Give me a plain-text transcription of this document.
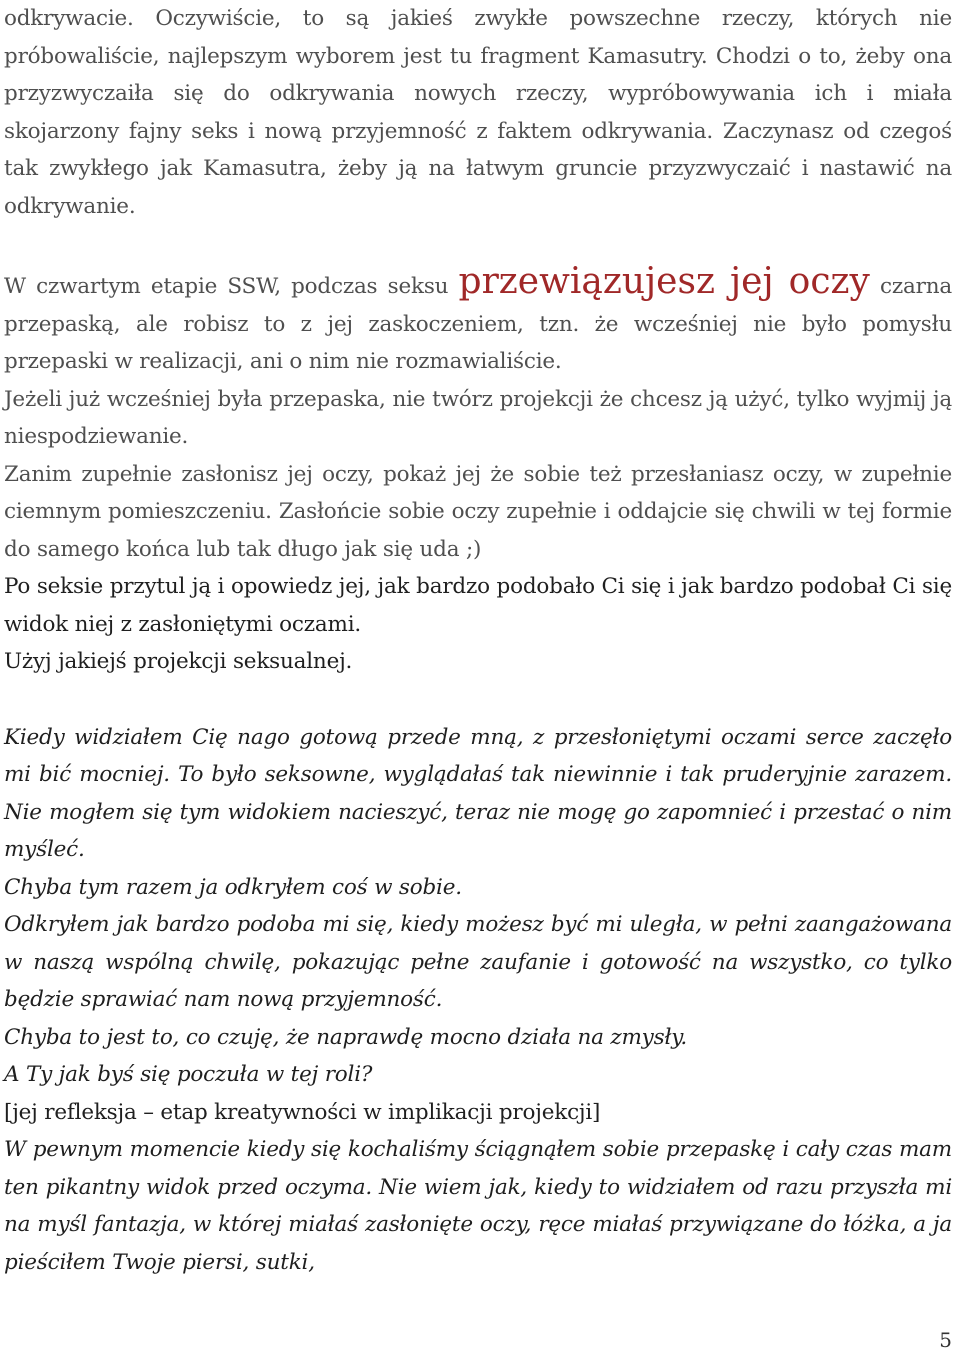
odkrywacie. Oczywiście, to są jakieś zwykłe powszechne rzeczy, których nie próbowaliście, najlepszym wyborem jest tu fragment Kamasutry. Chodzi o to, żeby ona przyzwyczaiła się do odkrywania nowych rzeczy, wypróbowywania ich i miała skojarzony fajny seks i nową przyjemność z faktem odkrywania. Zaczynasz od czegoś tak zwykłego jak Kamasutra, żeby ją na łatwym gruncie przyzwyczaić i nastawić na odkrywanie.

W czwartym etapie SSW, podczas seksu przewiązujesz jej oczy czarna przepaską, ale robisz to z jej zaskoczeniem, tzn. że wcześniej nie było pomysłu przepaski w realizacji, ani o nim nie rozmawialiście.

Jeżeli już wcześniej była przepaska, nie twórz projekcji że chcesz ją użyć, tylko wyjmij ją niespodziewanie.

Zanim zupełnie zasłonisz jej oczy, pokaż jej że sobie też przesłaniasz oczy, w zupełnie ciemnym pomieszczeniu. Zasłońcie sobie oczy zupełnie i oddajcie się chwili w tej formie do samego końca lub tak długo jak się uda ;)

Po seksie przytul ją i opowiedz jej, jak bardzo podobało Ci się i jak bardzo podobał Ci się widok niej z zasłoniętymi oczami.

Użyj jakiejś projekcji seksualnej.

Kiedy widziałem Cię nago gotową przede mną, z przesłoniętymi oczami serce zaczęło mi bić mocniej. To było seksowne, wyglądałaś tak niewinnie i tak pruderyjnie zarazem. Nie mogłem się tym widokiem nacieszyć, teraz nie mogę go zapomnieć i przestać o nim myśleć.

Chyba tym razem ja odkryłem coś w sobie.

Odkryłem jak bardzo podoba mi się, kiedy możesz być mi uległa, w pełni zaangażowana w naszą wspólną chwilę, pokazując pełne zaufanie i gotowość na wszystko, co tylko będzie sprawiać nam nową przyjemność.

Chyba to jest to, co czuję, że naprawdę mocno działa na zmysły.

A Ty jak byś się poczuła w tej roli?

[jej refleksja – etap kreatywności w implikacji projekcji]

W pewnym momencie kiedy się kochaliśmy ściągnąłem sobie przepaskę i cały czas mam ten pikantny widok przed oczyma. Nie wiem jak, kiedy to widziałem od razu przyszła mi na myśl fantazja, w której miałaś zasłonięte oczy, ręce miałaś przywiązane do łóżka, a ja pieściłem Twoje piersi, sutki,

5
